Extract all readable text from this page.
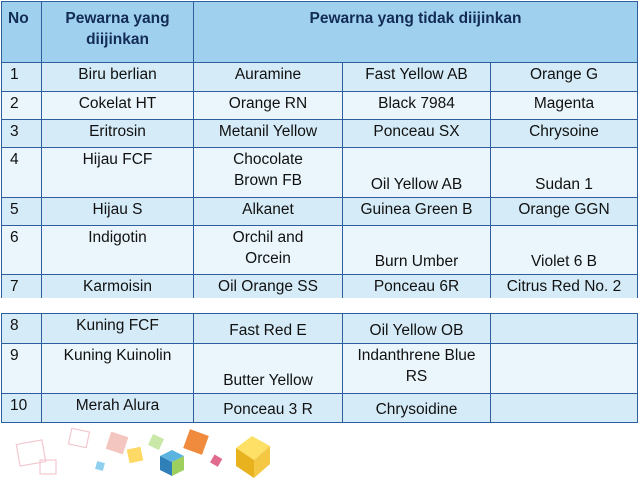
No	Pewarna yang
diijinkan	Pewarna yang tidak diijinkan		
1	Biru berlian	Auramine	Fast Yellow AB	Orange G
2	Cokelat HT	Orange RN	Black 7984	Magenta
3	Eritrosin	Metanil Yellow	Ponceau SX	Chrysoine
4	Hijau FCF	Chocolate
Brown FB	Oil Yellow AB	Sudan 1
5	Hijau S	Alkanet	Guinea Green B	Orange GGN
6	Indigotin	Orchil and
Orcein	Burn Umber	Violet 6 B
7	Karmoisin	Oil Orange SS	Ponceau 6R	Citrus Red No. 2
8	Kuning FCF	Fast Red E	Oil Yellow OB	
9	Kuning Kuinolin	Butter Yellow	Indanthrene Blue
RS	
10	Merah Alura	Ponceau 3 R	Chrysoidine	
